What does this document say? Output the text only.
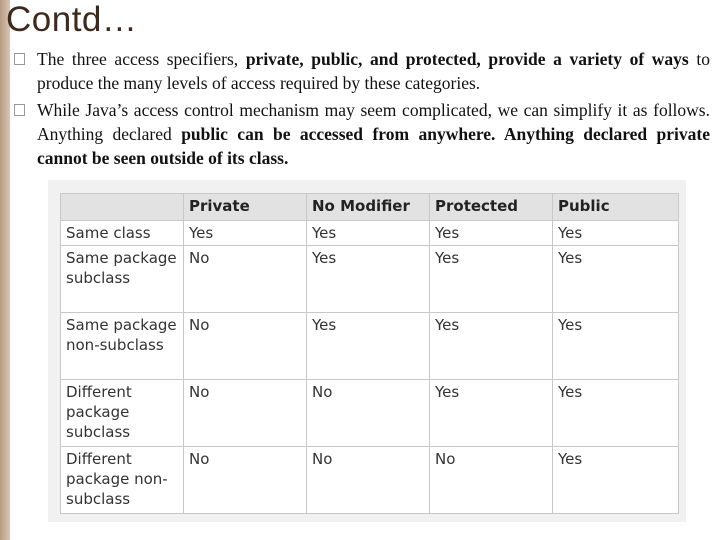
Contd…
The three access specifiers, private, public, and protected, provide a variety of ways to produce the many levels of access required by these categories.
While Java’s access control mechanism may seem complicated, we can simplify it as follows. Anything declared public can be accessed from anywhere. Anything declared private cannot be seen outside of its class.
	Private	No Modifier	Protected	Public
Same class	Yes	Yes	Yes	Yes
Same package subclass	No	Yes	Yes	Yes
Same package non-subclass	No	Yes	Yes	Yes
Different package subclass	No	No	Yes	Yes
Different package non-subclass	No	No	No	Yes
